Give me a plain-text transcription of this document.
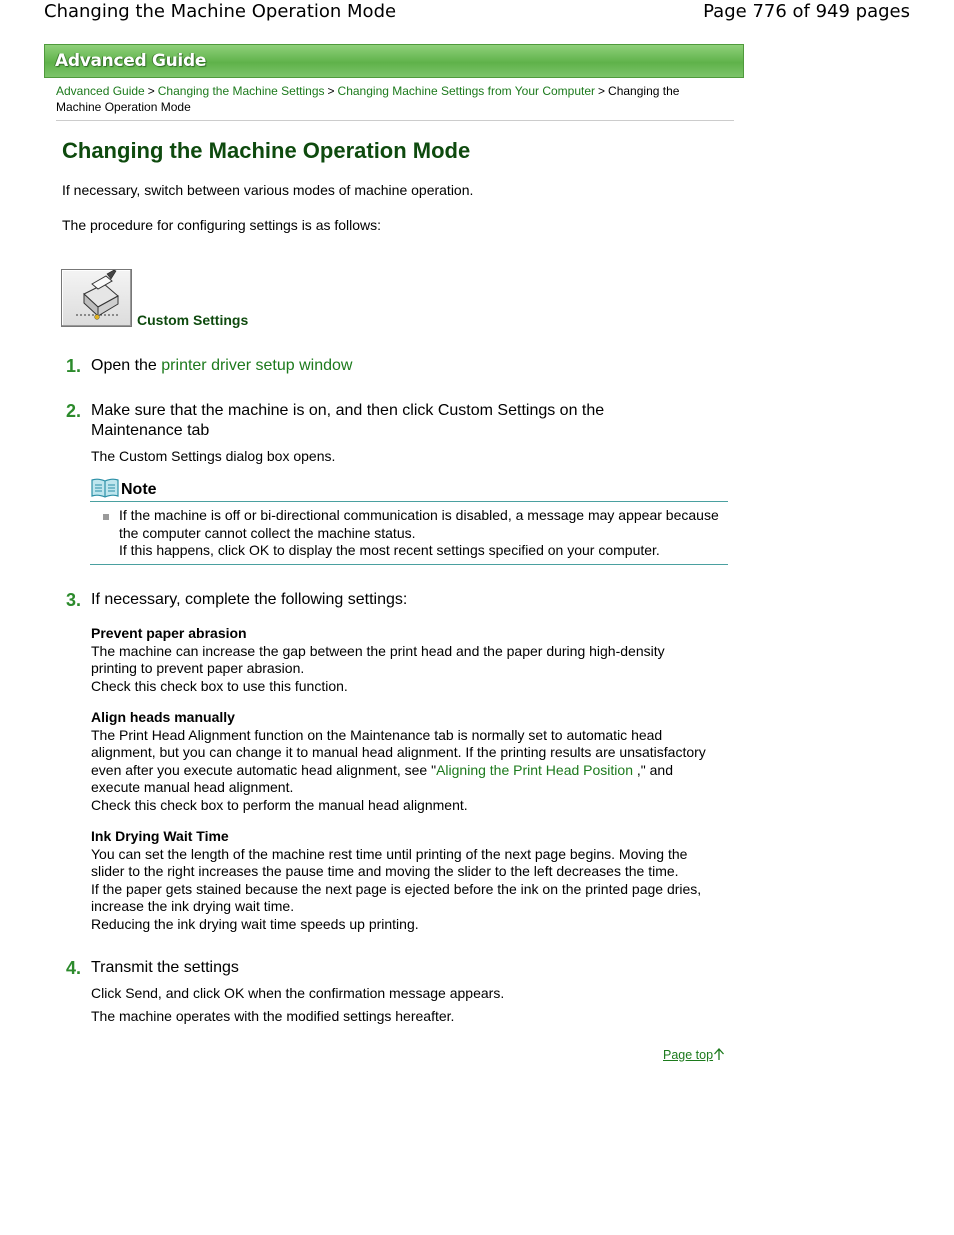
Changing the Machine Operation Mode	Page 776 of 949 pages
Advanced Guide
Advanced Guide > Changing the Machine Settings > Changing Machine Settings from Your Computer > Changing the Machine Operation Mode
Changing the Machine Operation Mode

If necessary, switch between various modes of machine operation.

The procedure for configuring settings is as follows:

Custom Settings
1. Open the printer driver setup window
2. Make sure that the machine is on, and then click Custom Settings on the Maintenance tab
The Custom Settings dialog box opens.
Note
If the machine is off or bi-directional communication is disabled, a message may appear because the computer cannot collect the machine status.
If this happens, click OK to display the most recent settings specified on your computer.
3. If necessary, complete the following settings:
Prevent paper abrasion
The machine can increase the gap between the print head and the paper during high-density printing to prevent paper abrasion.
Check this check box to use this function.
Align heads manually
The Print Head Alignment function on the Maintenance tab is normally set to automatic head alignment, but you can change it to manual head alignment. If the printing results are unsatisfactory even after you execute automatic head alignment, see "Aligning the Print Head Position ," and execute manual head alignment.
Check this check box to perform the manual head alignment.
Ink Drying Wait Time
You can set the length of the machine rest time until printing of the next page begins. Moving the slider to the right increases the pause time and moving the slider to the left decreases the time.
If the paper gets stained because the next page is ejected before the ink on the printed page dries, increase the ink drying wait time.
Reducing the ink drying wait time speeds up printing.
4. Transmit the settings
Click Send, and click OK when the confirmation message appears.
The machine operates with the modified settings hereafter.
Page top
